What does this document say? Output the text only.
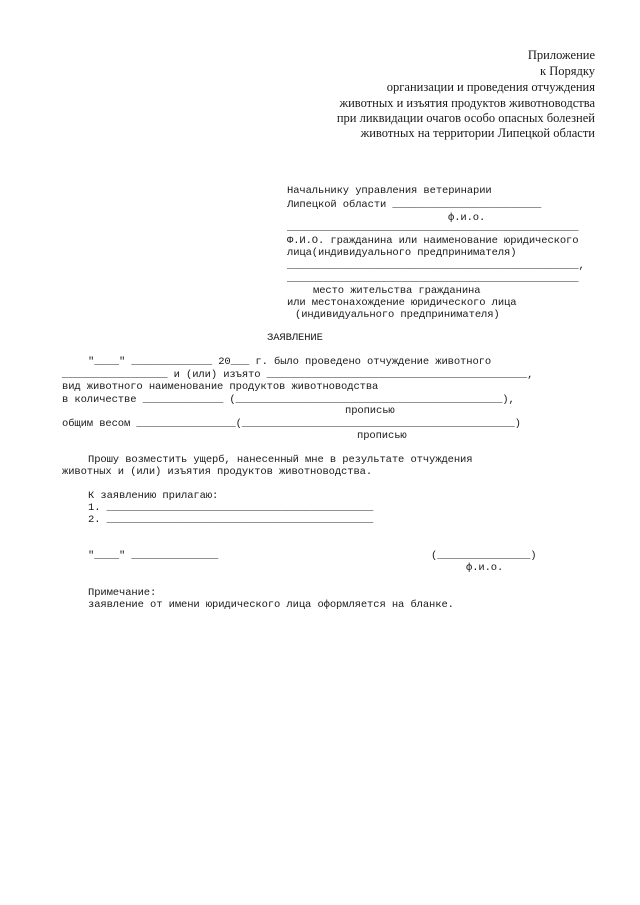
Приложение
к Порядку
организации и проведения отчуждения
животных и изъятия продуктов животноводства
при ликвидации очагов особо опасных болезней
животных на территории Липецкой области
Начальнику управления ветеринарии
Липецкой области ________________________
ф.и.о.
_______________________________________________
Ф.И.О. гражданина или наименование юридического
лица(индивидуального предпринимателя)
_______________________________________________,
_______________________________________________
место жительства гражданина
или местонахождение юридического лица
(индивидуального предпринимателя)
ЗАЯВЛЕНИЕ
"____" _____________ 20___ г. было проведено отчуждение животного
_________________ и (или) изъято __________________________________________,
вид животного наименование продуктов животноводства
в количестве _____________ (___________________________________________),
прописью
общим весом ________________(____________________________________________)
прописью
Прошу возместить ущерб, нанесенный мне в результате отчуждения
животных и (или) изъятия продуктов животноводства.
К заявлению прилагаю:
1. ___________________________________________
2. ___________________________________________
"____" ______________	(_______________)
ф.и.о.
Примечание:
заявление от имени юридического лица оформляется на бланке.
